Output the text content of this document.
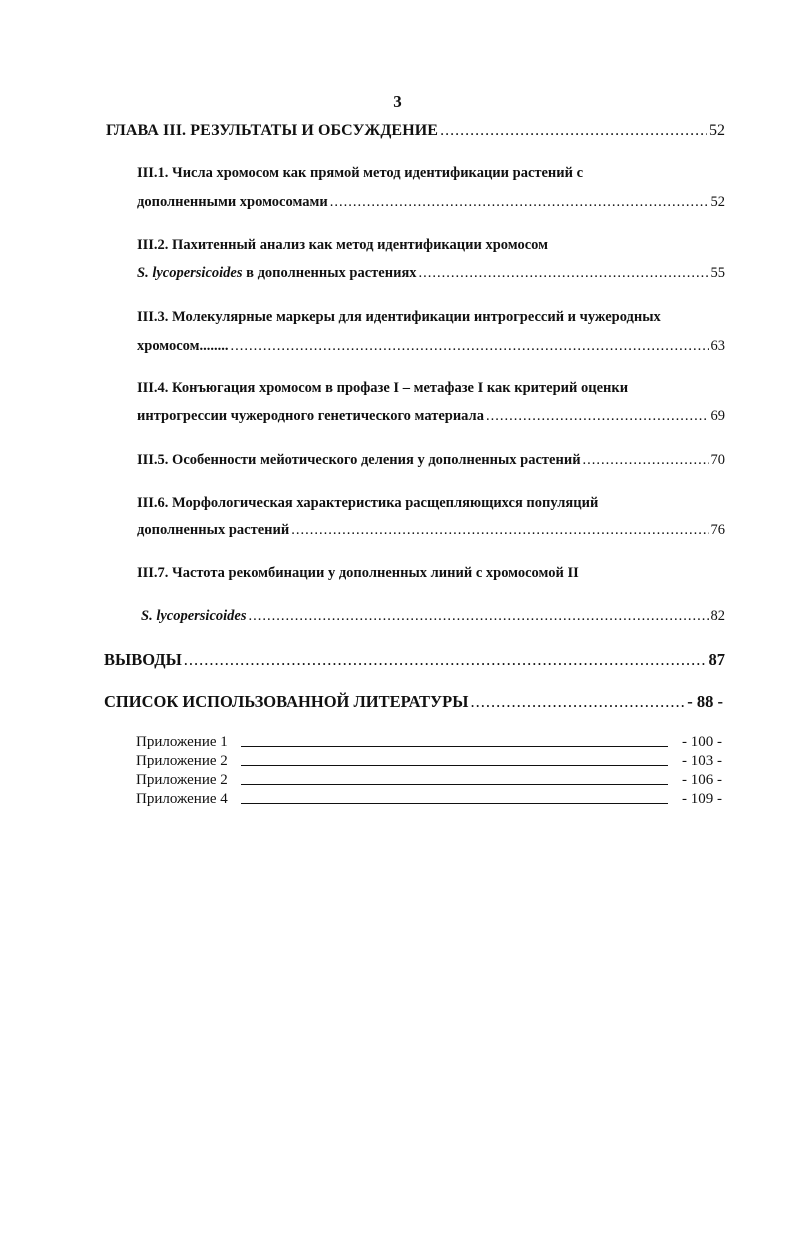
3
ГЛАВА III. РЕЗУЛЬТАТЫ И ОБСУЖДЕНИЕ .....	52
III.1. Числа хромосом как прямой метод идентификации растений с
дополненными хромосомами .....	52
III.2. Пахитенный анализ как метод идентификации хромосом
S. lycopersicoides в дополненных растениях .....	55
III.3. Молекулярные маркеры для идентификации интрогрессий и чужеродных
хромосом........ .....	63
III.4. Конъюгация хромосом в профазе I – метафазе I как критерий оценки
интрогрессии чужеродного генетического материала .....	69
III.5. Особенности мейотического деления у дополненных растений .....	70
III.6. Морфологическая характеристика расщепляющихся популяций
дополненных растений .....	76
III.7. Частота рекомбинации у дополненных линий с хромосомой II
S. lycopersicoides .....	82
ВЫВОДЫ .....	87
СПИСОК ИСПОЛЬЗОВАННОЙ ЛИТЕРАТУРЫ .....	- 88 -
Приложение 1	- 100 -
Приложение 2	- 103 -
Приложение 2	- 106 -
Приложение 4	- 109 -
